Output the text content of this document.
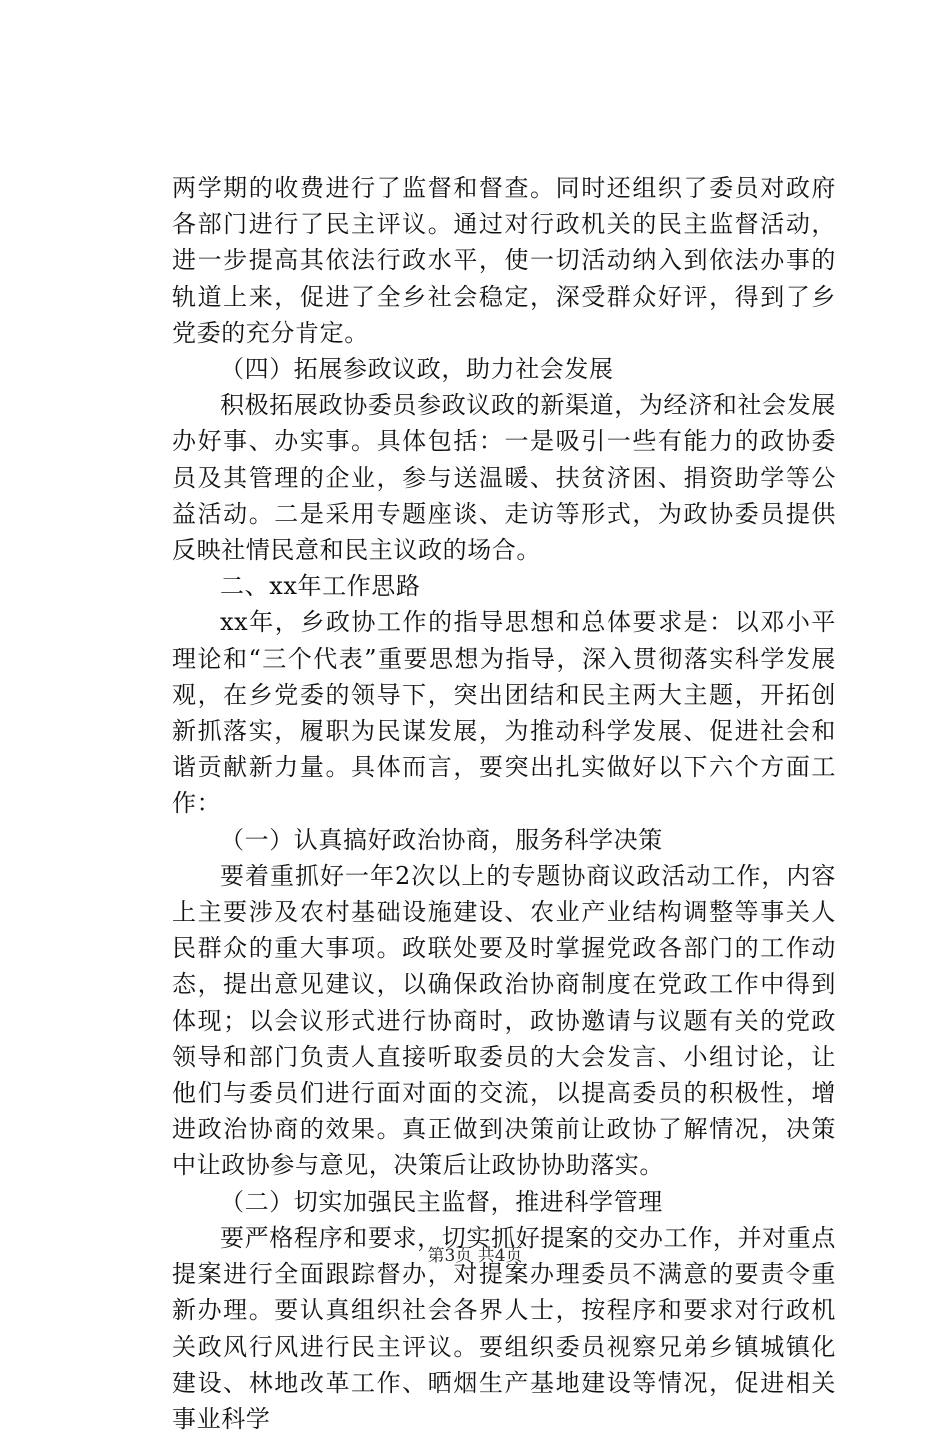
两学期的收费进行了监督和督查。同时还组织了委员对政府各部门进行了民主评议。通过对行政机关的民主监督活动，进一步提高其依法行政水平，使一切活动纳入到依法办事的轨道上来，促进了全乡社会稳定，深受群众好评，得到了乡党委的充分肯定。

（四）拓展参政议政，助力社会发展

积极拓展政协委员参政议政的新渠道，为经济和社会发展办好事、办实事。具体包括：一是吸引一些有能力的政协委员及其管理的企业，参与送温暖、扶贫济困、捐资助学等公益活动。二是采用专题座谈、走访等形式，为政协委员提供反映社情民意和民主议政的场合。

二、xx年工作思路

xx年，乡政协工作的指导思想和总体要求是：以邓小平理论和“三个代表”重要思想为指导，深入贯彻落实科学发展观，在乡党委的领导下，突出团结和民主两大主题，开拓创新抓落实，履职为民谋发展，为推动科学发展、促进社会和谐贡献新力量。具体而言，要突出扎实做好以下六个方面工作：

（一）认真搞好政治协商，服务科学决策

要着重抓好一年2次以上的专题协商议政活动工作，内容上主要涉及农村基础设施建设、农业产业结构调整等事关人民群众的重大事项。政联处要及时掌握党政各部门的工作动态，提出意见建议，以确保政治协商制度在党政工作中得到体现；以会议形式进行协商时，政协邀请与议题有关的党政领导和部门负责人直接听取委员的大会发言、小组讨论，让他们与委员们进行面对面的交流，以提高委员的积极性，增进政治协商的效果。真正做到决策前让政协了解情况，决策中让政协参与意见，决策后让政协协助落实。

（二）切实加强民主监督，推进科学管理

要严格程序和要求，切实抓好提案的交办工作，并对重点提案进行全面跟踪督办，对提案办理委员不满意的要责令重新办理。要认真组织社会各界人士，按程序和要求对行政机关政风行风进行民主评议。要组织委员视察兄弟乡镇城镇化建设、林地改革工作、晒烟生产基地建设等情况，促进相关事业科学

第3页 共4页
